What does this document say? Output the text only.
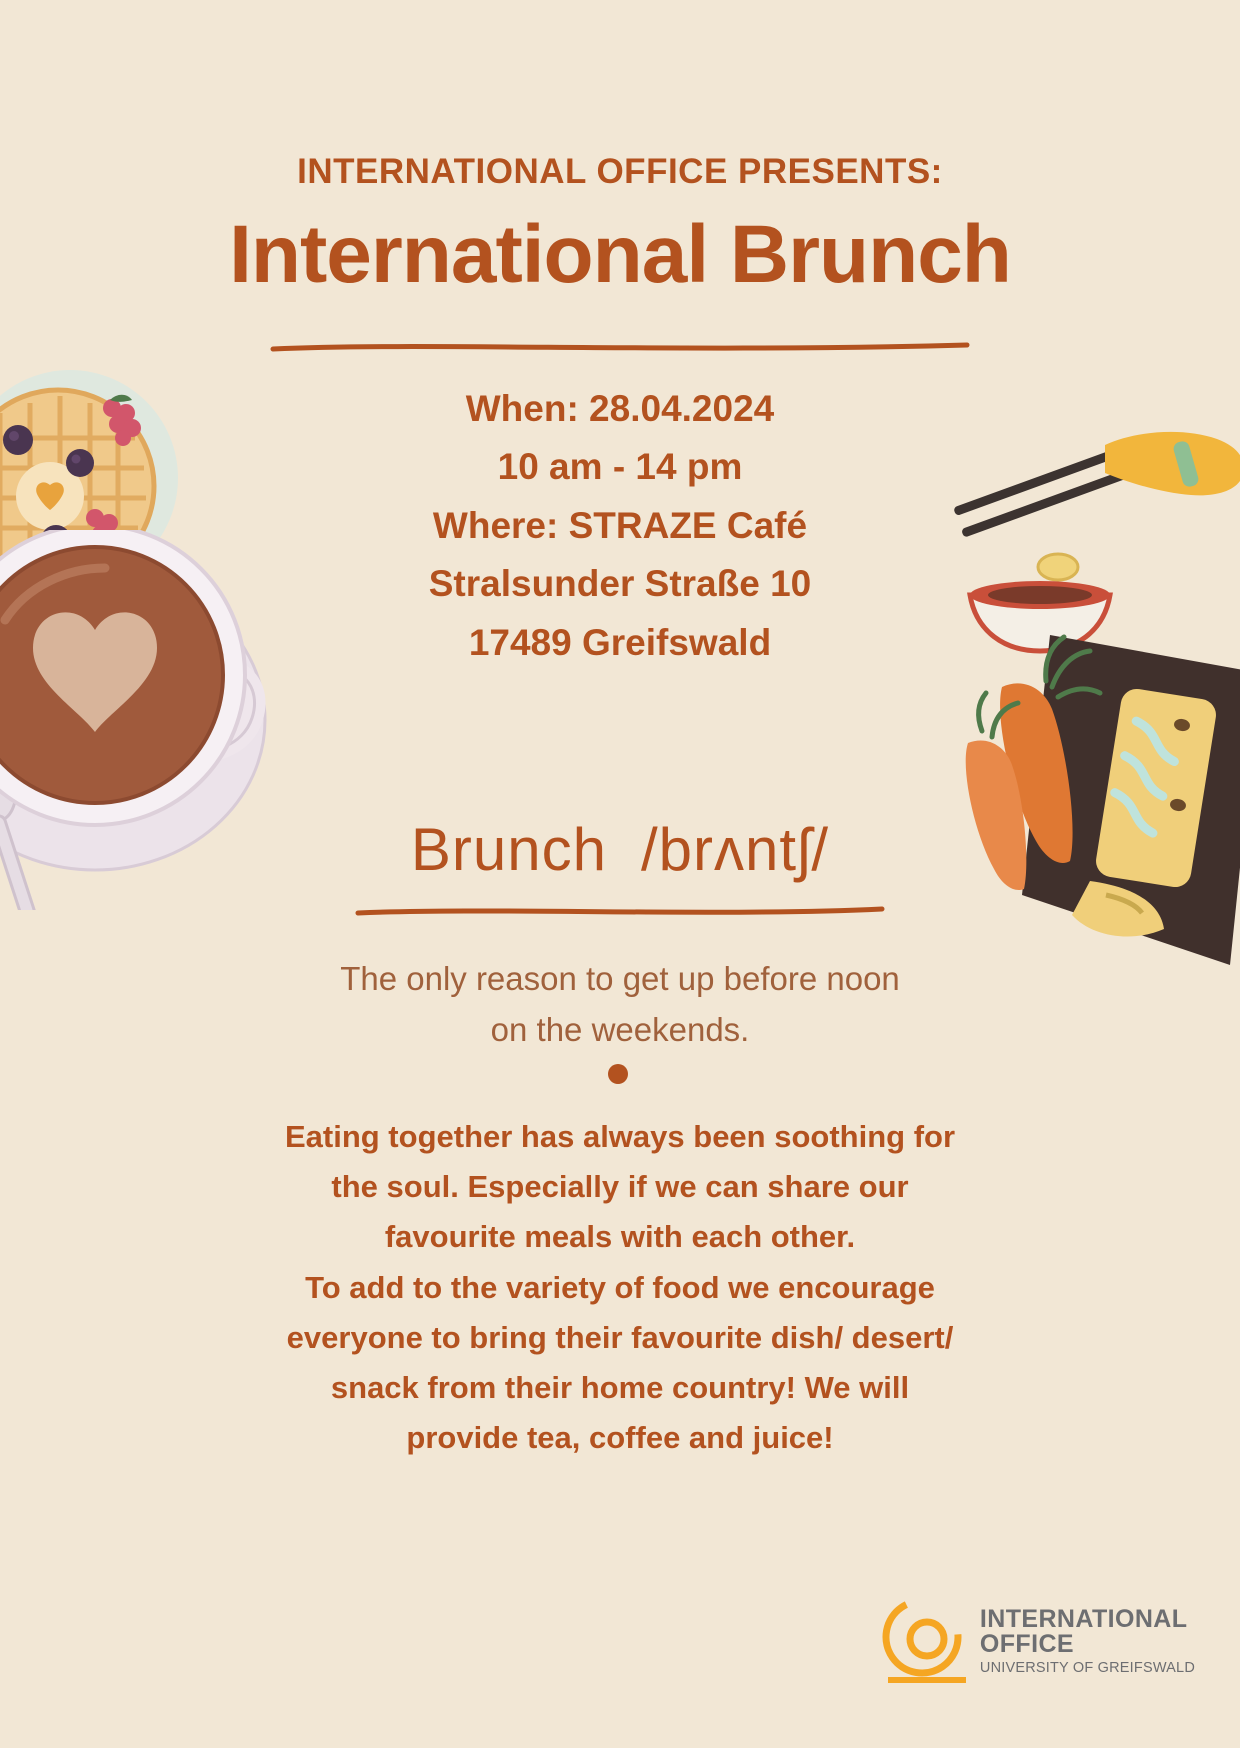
INTERNATIONAL OFFICE PRESENTS:
International Brunch
When: 28.04.2024
10 am - 14 pm
Where: STRAZE Café
Stralsunder Straße 10
17489 Greifswald
Brunch /brʌntʃ/
The only reason to get up before noon
on the weekends.
Eating together has always been soothing for
the soul. Especially if we can share our
favourite meals with each other.
To add to the variety of food we encourage
everyone to bring their favourite dish/ desert/
snack from their home country! We will
provide tea, coffee and juice!
INTERNATIONAL
OFFICE
UNIVERSITY OF GREIFSWALD
